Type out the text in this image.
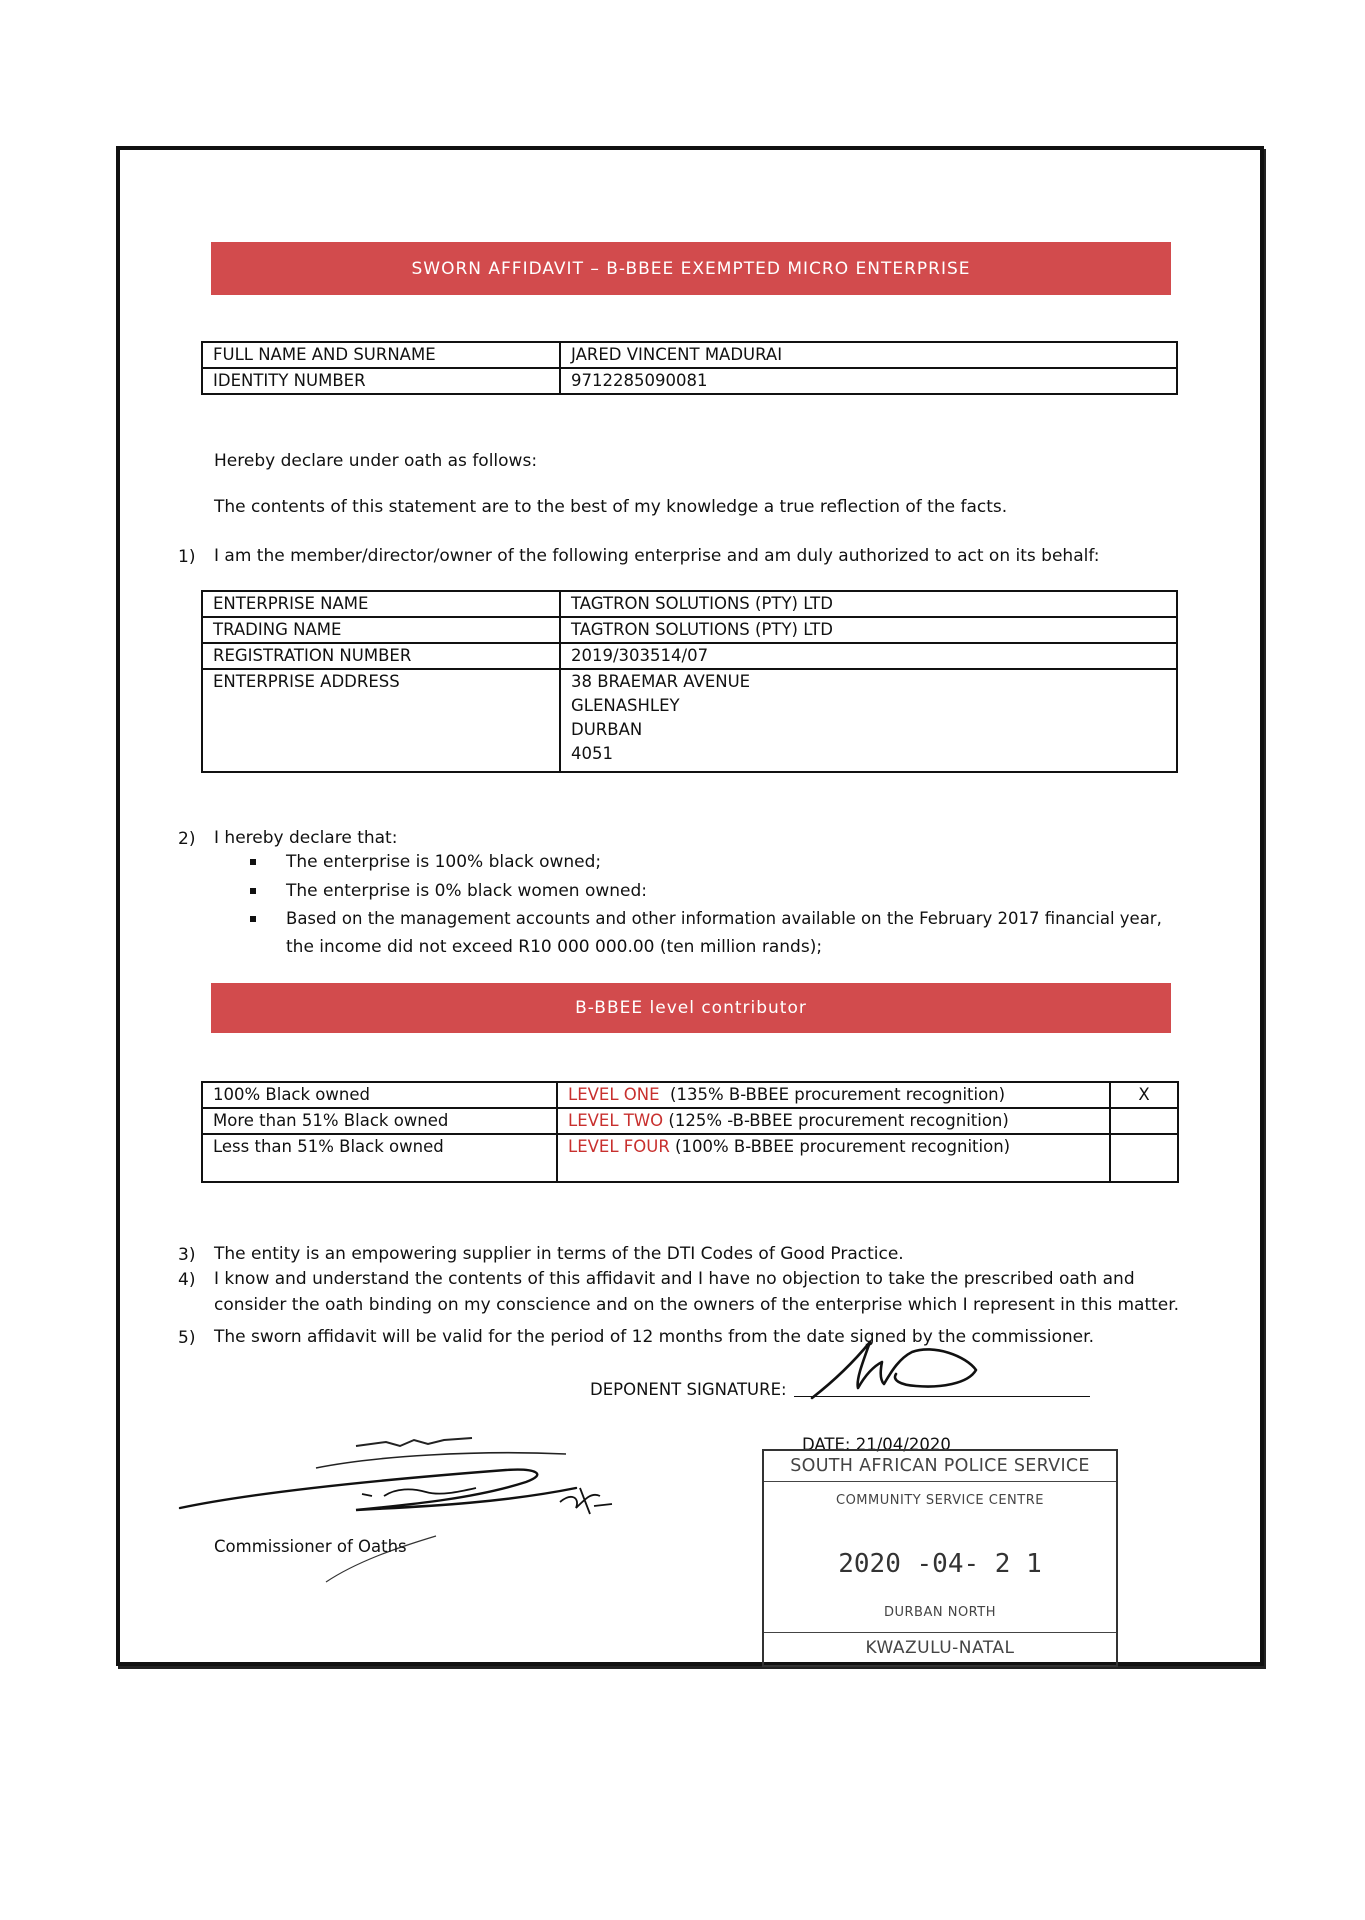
SWORN AFFIDAVIT – B-BBEE EXEMPTED MICRO ENTERPRISE
FULL NAME AND SURNAME	JARED VINCENT MADURAI
IDENTITY NUMBER	9712285090081
Hereby declare under oath as follows:
The contents of this statement are to the best of my knowledge a true reflection of the facts.
1) I am the member/director/owner of the following enterprise and am duly authorized to act on its behalf:
ENTERPRISE NAME	TAGTRON SOLUTIONS (PTY) LTD
TRADING NAME	TAGTRON SOLUTIONS (PTY) LTD
REGISTRATION NUMBER	2019/303514/07
ENTERPRISE ADDRESS	38 BRAEMAR AVENUE
GLENASHLEY
DURBAN
4051
2) I hereby declare that:
The enterprise is 100% black owned;
The enterprise is 0% black women owned:
Based on the management accounts and other information available on the February 2017 financial year,
the income did not exceed R10 000 000.00 (ten million rands);
B-BBEE level contributor
100% Black owned	LEVEL ONE  (135% B-BBEE procurement recognition)	X
More than 51% Black owned	LEVEL TWO (125% -B-BBEE procurement recognition)	
Less than 51% Black owned	LEVEL FOUR (100% B-BBEE procurement recognition)	
3) The entity is an empowering supplier in terms of the DTI Codes of Good Practice.
4) I know and understand the contents of this affidavit and I have no objection to take the prescribed oath and
consider the oath binding on my conscience and on the owners of the enterprise which I represent in this matter.
5) The sworn affidavit will be valid for the period of 12 months from the date signed by the commissioner.
DEPONENT SIGNATURE:
DATE: 21/04/2020
Commissioner of Oaths
SOUTH AFRICAN POLICE SERVICE
COMMUNITY SERVICE CENTRE
2020 -04- 2 1
DURBAN NORTH
KWAZULU-NATAL
